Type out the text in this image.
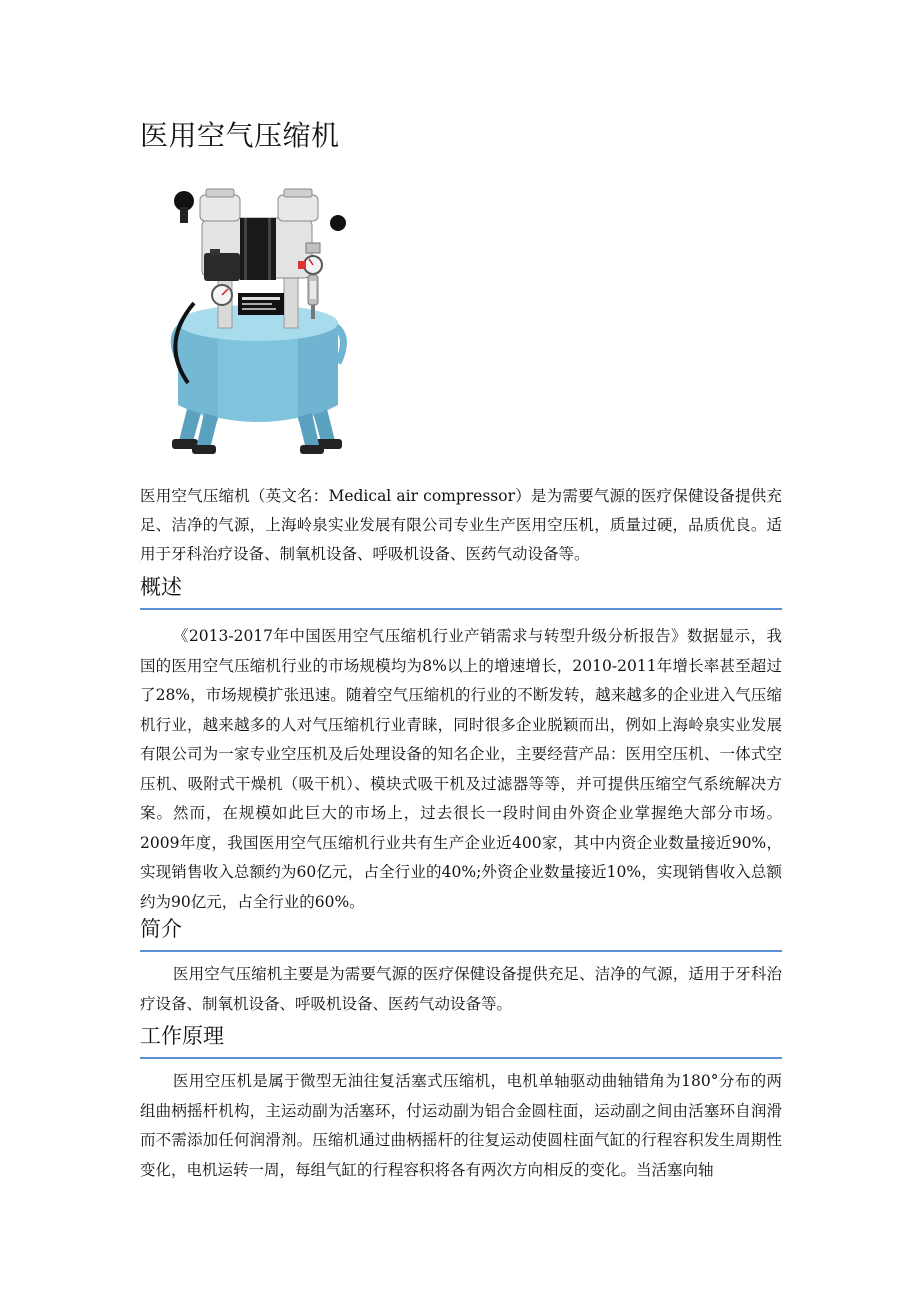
医用空气压缩机

医用空气压缩机（英文名：Medical air compressor）是为需要气源的医疗保健设备提供充足、洁净的气源，上海岭泉实业发展有限公司专业生产医用空压机，质量过硬，品质优良。适用于牙科治疗设备、制氧机设备、呼吸机设备、医药气动设备等。

概述

《2013-2017年中国医用空气压缩机行业产销需求与转型升级分析报告》数据显示，我国的医用空气压缩机行业的市场规模均为8%以上的增速增长，2010-2011年增长率甚至超过了28%，市场规模扩张迅速。随着空气压缩机的行业的不断发转，越来越多的企业进入气压缩机行业，越来越多的人对气压缩机行业青睐，同时很多企业脱颖而出，例如上海岭泉实业发展有限公司为一家专业空压机及后处理设备的知名企业，主要经营产品：医用空压机、一体式空压机、吸附式干燥机（吸干机）、模块式吸干机及过滤器等等，并可提供压缩空气系统解决方案。然而，在规模如此巨大的市场上，过去很长一段时间由外资企业掌握绝大部分市场。2009年度，我国医用空气压缩机行业共有生产企业近400家，其中内资企业数量接近90%，实现销售收入总额约为60亿元，占全行业的40%;外资企业数量接近10%，实现销售收入总额约为90亿元，占全行业的60%。

简介

医用空气压缩机主要是为需要气源的医疗保健设备提供充足、洁净的气源，适用于牙科治疗设备、制氧机设备、呼吸机设备、医药气动设备等。

工作原理

医用空压机是属于微型无油往复活塞式压缩机，电机单轴驱动曲轴错角为180°分布的两组曲柄摇杆机构，主运动副为活塞环，付运动副为铝合金圆柱面，运动副之间由活塞环自润滑而不需添加任何润滑剂。压缩机通过曲柄摇杆的往复运动使圆柱面气缸的行程容积发生周期性变化，电机运转一周，每组气缸的行程容积将各有两次方向相反的变化。当活塞向轴
